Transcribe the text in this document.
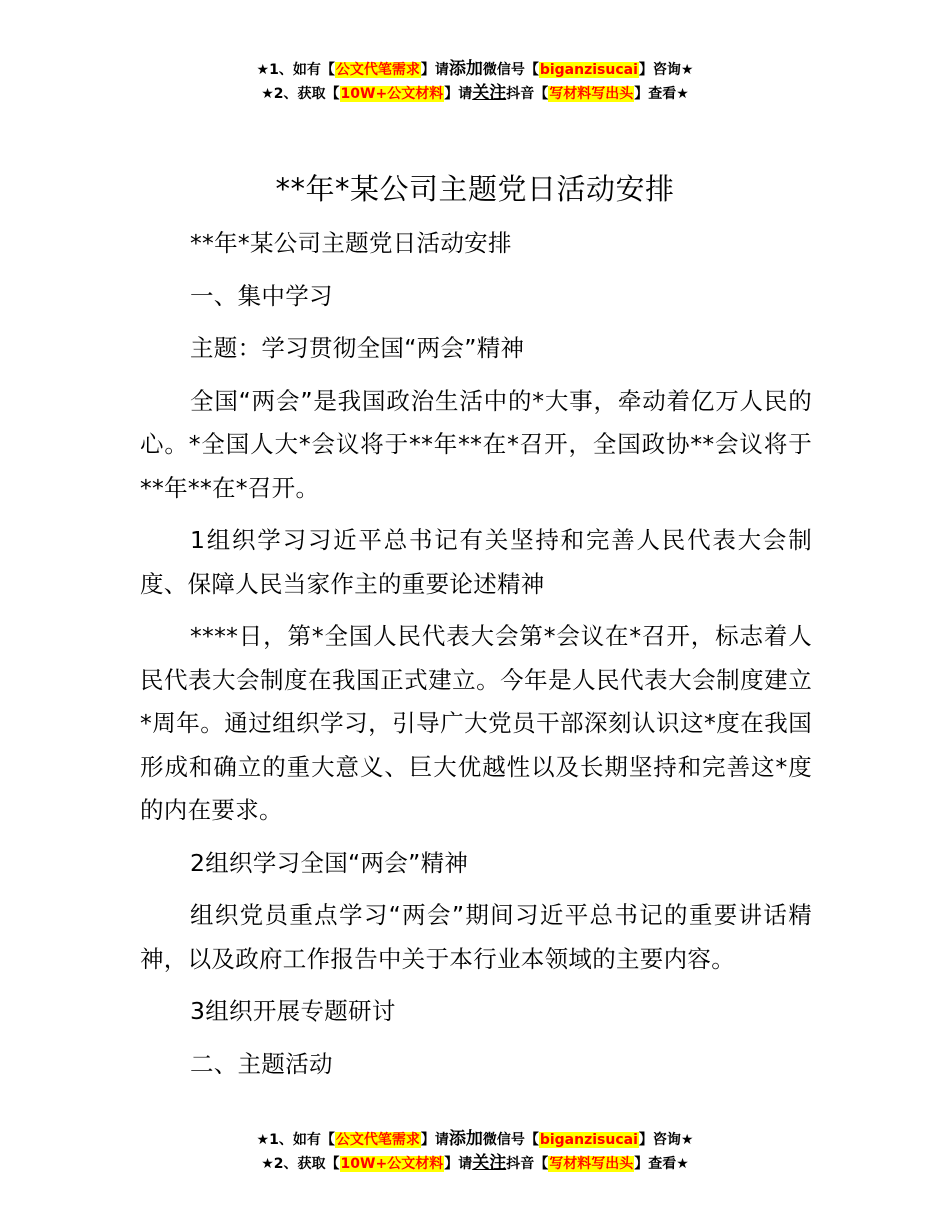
★1、如有【公文代笔需求】请添加微信号【biganzisucai】咨询★
★2、获取【10W+公文材料】请关注抖音【写材料写出头】查看★
**年*某公司主题党日活动安排

**年*某公司主题党日活动安排

一、集中学习

主题：学习贯彻全国“两会”精神

全国“两会”是我国政治生活中的*大事，牵动着亿万人民的心。*全国人大*会议将于**年**在*召开，全国政协**会议将于**年**在*召开。

1组织学习习近平总书记有关坚持和完善人民代表大会制度、保障人民当家作主的重要论述精神

****日，第*全国人民代表大会第*会议在*召开，标志着人民代表大会制度在我国正式建立。今年是人民代表大会制度建立*周年。通过组织学习，引导广大党员干部深刻认识这*度在我国形成和确立的重大意义、巨大优越性以及长期坚持和完善这*度的内在要求。

2组织学习全国“两会”精神

组织党员重点学习“两会”期间习近平总书记的重要讲话精神，以及政府工作报告中关于本行业本领域的主要内容。

3组织开展专题研讨

二、主题活动

★1、如有【公文代笔需求】请添加微信号【biganzisucai】咨询★
★2、获取【10W+公文材料】请关注抖音【写材料写出头】查看★
